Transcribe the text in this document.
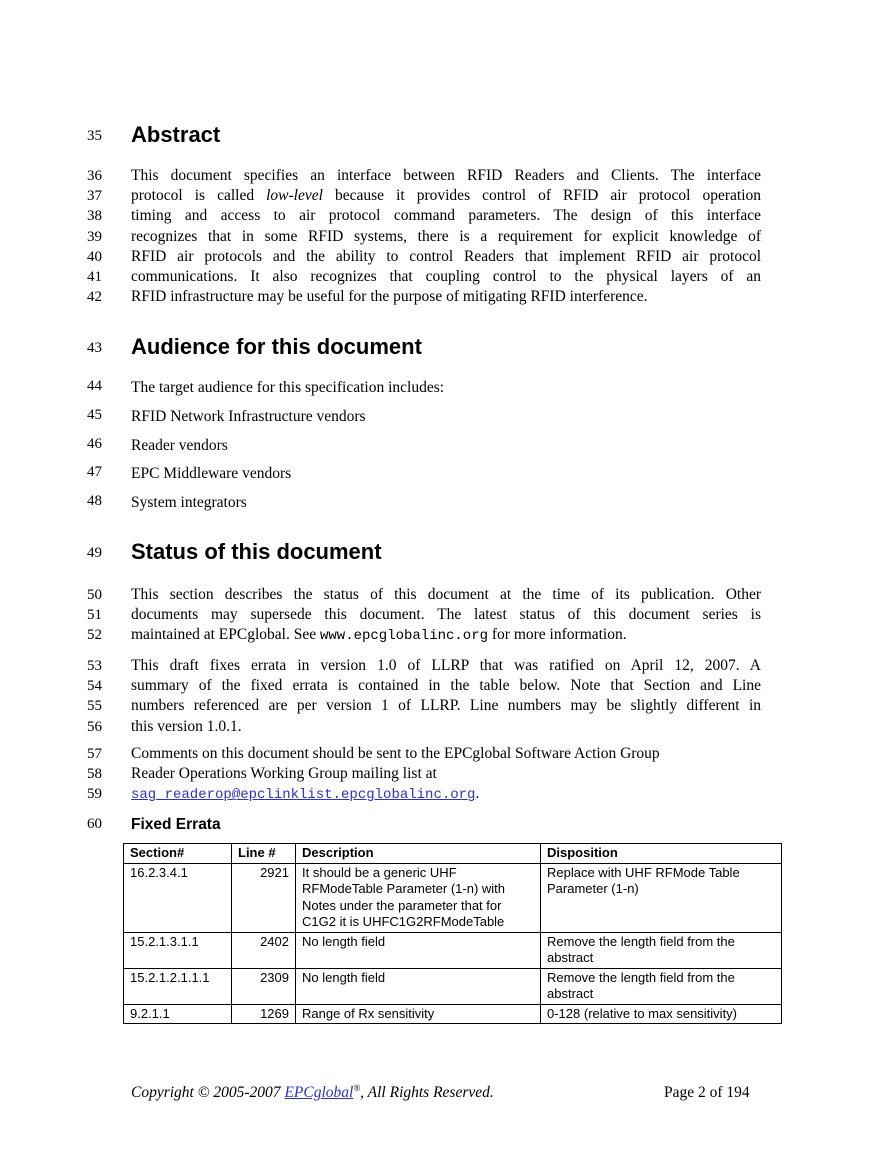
35	Abstract
36
37
38
39
40
41
42
This document specifies an interface between RFID Readers and Clients. The interface
protocol is called low-level because it provides control of RFID air protocol operation
timing and access to air protocol command parameters. The design of this interface
recognizes that in some RFID systems, there is a requirement for explicit knowledge of
RFID air protocols and the ability to control Readers that implement RFID air protocol
communications. It also recognizes that coupling control to the physical layers of an
RFID infrastructure may be useful for the purpose of mitigating RFID interference.
43	Audience for this document
44	The target audience for this specification includes:
45	RFID Network Infrastructure vendors
46	Reader vendors
47	EPC Middleware vendors
48	System integrators
49	Status of this document
50
51
52
This section describes the status of this document at the time of its publication. Other
documents may supersede this document. The latest status of this document series is
maintained at EPCglobal. See www.epcglobalinc.org for more information.
53
54
55
56
This draft fixes errata in version 1.0 of LLRP that was ratified on April 12, 2007. A
summary of the fixed errata is contained in the table below. Note that Section and Line
numbers referenced are per version 1 of LLRP. Line numbers may be slightly different in
this version 1.0.1.
57
58
59
Comments on this document should be sent to the EPCglobal Software Action Group
Reader Operations Working Group mailing list at
sag_readerop@epclinklist.epcglobalinc.org.
60	Fixed Errata
Section#	Line #	Description	Disposition
16.2.3.4.1	2921	It should be a generic UHF RFModeTable Parameter (1-n) with Notes under the parameter that for C1G2 it is UHFC1G2RFModeTable	Replace with UHF RFMode Table Parameter (1-n)
15.2.1.3.1.1	2402	No length field	Remove the length field from the abstract
15.2.1.2.1.1.1	2309	No length field	Remove the length field from the abstract
9.2.1.1	1269	Range of Rx sensitivity	0-128 (relative to max sensitivity)
Copyright © 2005-2007 EPCglobal®, All Rights Reserved.	Page 2 of 194
